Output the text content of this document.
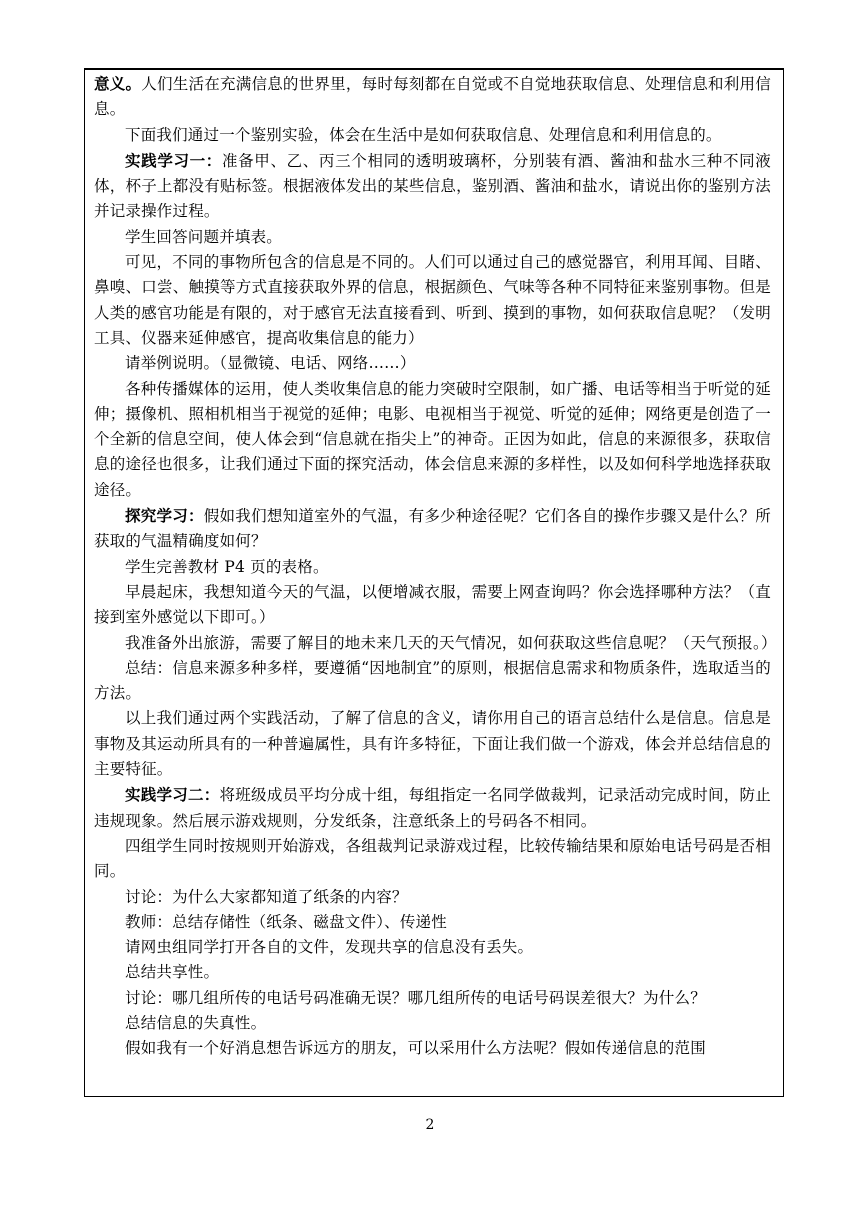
意义。人们生活在充满信息的世界里，每时每刻都在自觉或不自觉地获取信息、处理信息和利用信息。

下面我们通过一个鉴别实验，体会在生活中是如何获取信息、处理信息和利用信息的。

实践学习一：准备甲、乙、丙三个相同的透明玻璃杯，分别装有酒、酱油和盐水三种不同液体，杯子上都没有贴标签。根据液体发出的某些信息，鉴别酒、酱油和盐水，请说出你的鉴别方法并记录操作过程。

学生回答问题并填表。

可见，不同的事物所包含的信息是不同的。人们可以通过自己的感觉器官，利用耳闻、目睹、鼻嗅、口尝、触摸等方式直接获取外界的信息，根据颜色、气味等各种不同特征来鉴别事物。但是人类的感官功能是有限的，对于感官无法直接看到、听到、摸到的事物，如何获取信息呢？（发明工具、仪器来延伸感官，提高收集信息的能力）

请举例说明。（显微镜、电话、网络……）

各种传播媒体的运用，使人类收集信息的能力突破时空限制，如广播、电话等相当于听觉的延伸；摄像机、照相机相当于视觉的延伸；电影、电视相当于视觉、听觉的延伸；网络更是创造了一个全新的信息空间，使人体会到“信息就在指尖上”的神奇。正因为如此，信息的来源很多，获取信息的途径也很多，让我们通过下面的探究活动，体会信息来源的多样性，以及如何科学地选择获取途径。

探究学习：假如我们想知道室外的气温，有多少种途径呢？它们各自的操作步骤又是什么？所获取的气温精确度如何？

学生完善教材 P4 页的表格。

早晨起床，我想知道今天的气温，以便增减衣服，需要上网查询吗？你会选择哪种方法？（直接到室外感觉以下即可。）

我准备外出旅游，需要了解目的地未来几天的天气情况，如何获取这些信息呢？（天气预报。）

总结：信息来源多种多样，要遵循“因地制宜”的原则，根据信息需求和物质条件，选取适当的方法。

以上我们通过两个实践活动，了解了信息的含义，请你用自己的语言总结什么是信息。信息是事物及其运动所具有的一种普遍属性，具有许多特征，下面让我们做一个游戏，体会并总结信息的主要特征。

实践学习二：将班级成员平均分成十组，每组指定一名同学做裁判，记录活动完成时间，防止违规现象。然后展示游戏规则，分发纸条，注意纸条上的号码各不相同。

四组学生同时按规则开始游戏，各组裁判记录游戏过程，比较传输结果和原始电话号码是否相同。

讨论：为什么大家都知道了纸条的内容？

教师：总结存储性（纸条、磁盘文件）、传递性

请网虫组同学打开各自的文件，发现共享的信息没有丢失。

总结共享性。

讨论：哪几组所传的电话号码准确无误？哪几组所传的电话号码误差很大？为什么？

总结信息的失真性。

假如我有一个好消息想告诉远方的朋友，可以采用什么方法呢？假如传递信息的范围

2
